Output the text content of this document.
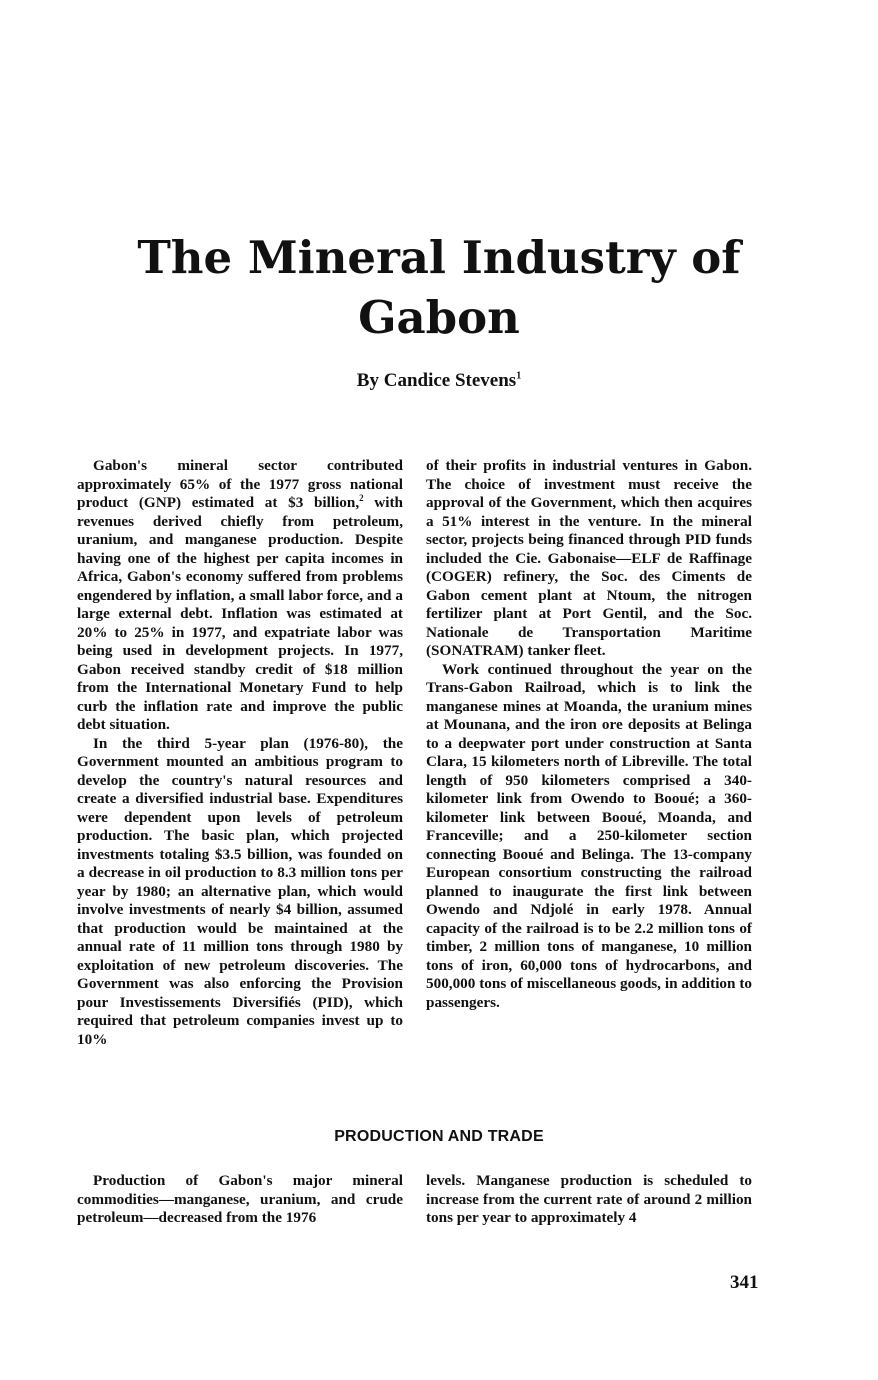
The Mineral Industry of
Gabon

By Candice Stevens$^1$

Gabon's mineral sector contributed approximately 65% of the 1977 gross national product (GNP) estimated at $3 billion,$^2$ with revenues derived chiefly from petroleum, uranium, and manganese production. Despite having one of the highest per capita incomes in Africa, Gabon's economy suffered from problems engendered by inflation, a small labor force, and a large external debt. Inflation was estimated at 20% to 25% in 1977, and expatriate labor was being used in development projects. In 1977, Gabon received standby credit of $18 million from the International Monetary Fund to help curb the inflation rate and improve the public debt situation.

In the third 5-year plan (1976-80), the Government mounted an ambitious program to develop the country's natural resources and create a diversified industrial base. Expenditures were dependent upon levels of petroleum production. The basic plan, which projected investments totaling $3.5 billion, was founded on a decrease in oil production to 8.3 million tons per year by 1980; an alternative plan, which would involve investments of nearly $4 billion, assumed that production would be maintained at the annual rate of 11 million tons through 1980 by exploitation of new petroleum discoveries. The Government was also enforcing the Provision pour Investissements Diversifiés (PID), which required that petroleum companies invest up to 10%

of their profits in industrial ventures in Gabon. The choice of investment must receive the approval of the Government, which then acquires a 51% interest in the venture. In the mineral sector, projects being financed through PID funds included the Cie. Gabonaise—ELF de Raffinage (COGER) refinery, the Soc. des Ciments de Gabon cement plant at Ntoum, the nitrogen fertilizer plant at Port Gentil, and the Soc. Nationale de Transportation Maritime (SONATRAM) tanker fleet.

Work continued throughout the year on the Trans-Gabon Railroad, which is to link the manganese mines at Moanda, the uranium mines at Mounana, and the iron ore deposits at Belinga to a deepwater port under construction at Santa Clara, 15 kilometers north of Libreville. The total length of 950 kilometers comprised a 340-kilometer link from Owendo to Booué; a 360-kilometer link between Booué, Moanda, and Franceville; and a 250-kilometer section connecting Booué and Belinga. The 13-company European consortium constructing the railroad planned to inaugurate the first link between Owendo and Ndjolé in early 1978. Annual capacity of the railroad is to be 2.2 million tons of timber, 2 million tons of manganese, 10 million tons of iron, 60,000 tons of hydrocarbons, and 500,000 tons of miscellaneous goods, in addition to passengers.

PRODUCTION AND TRADE

Production of Gabon's major mineral commodities—manganese, uranium, and crude petroleum—decreased from the 1976

levels. Manganese production is scheduled to increase from the current rate of around 2 million tons per year to approximately 4

341
